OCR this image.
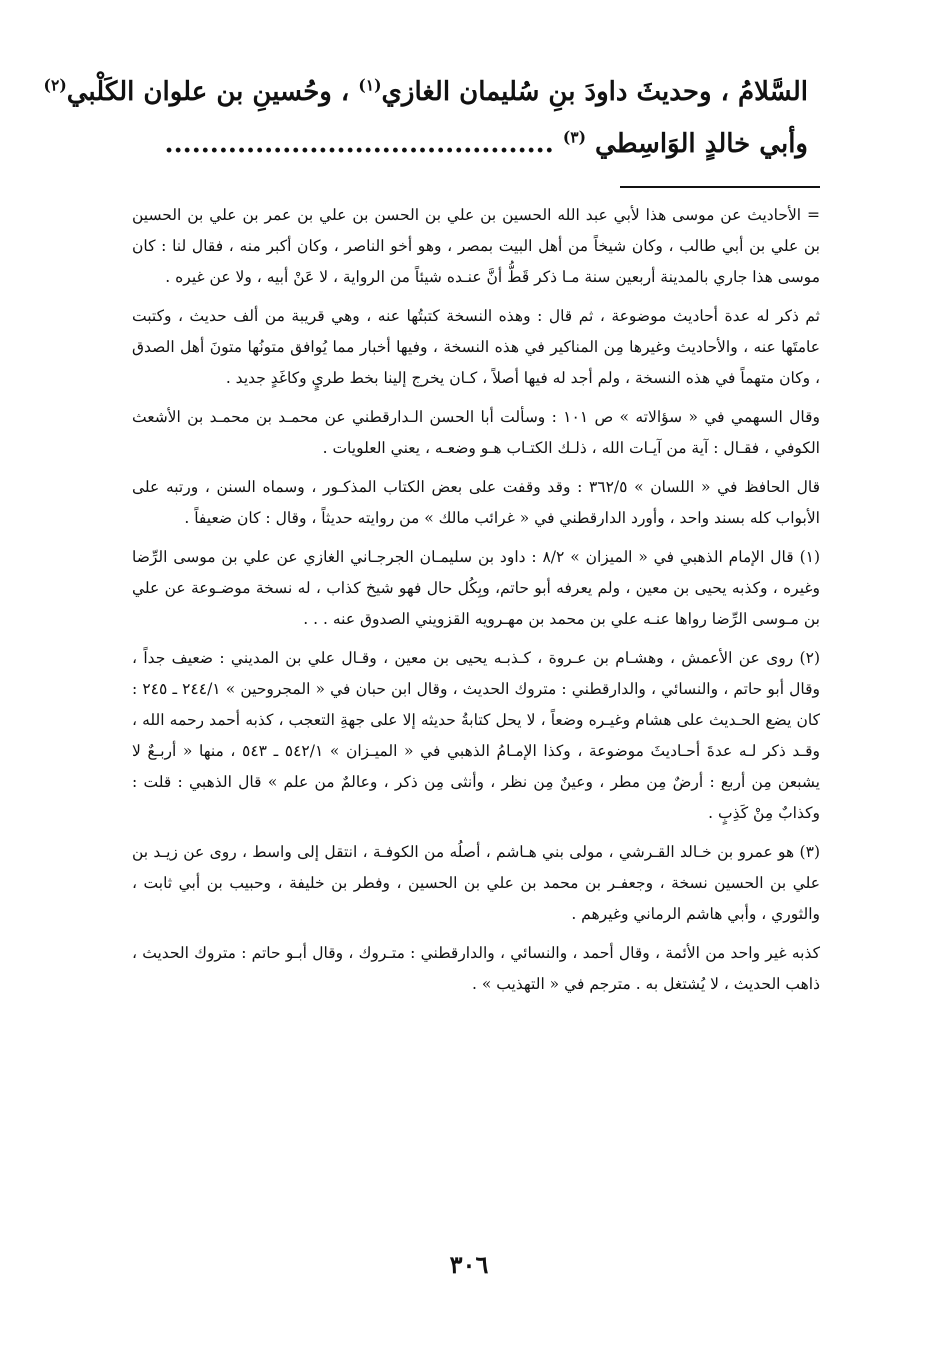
السَّلامُ ، وحديثَ داودَ بنِ سُليمان الغازي$^{(١)}$ ، وحُسينِ بن علوان الكَلْبي$^{(٢)}$
وأبي خالدٍ الوَاسِطي $^{(٣)}$ ...........................................

= الأحاديث عن موسى هذا لأبي عبد الله الحسين بن علي بن الحسن بن علي بن عمر بن علي بن الحسين بن علي بن أبي طالب ، وكان شيخاً من أهل البيت بمصر ، وهو أخو الناصر ، وكان أكبر منه ، فقال لنا : كان موسى هذا جاري بالمدينة أربعين سنة مـا ذكر قَطُّ أنَّ عنـده شيئاً من الرواية ، لا عَنْ أبيه ، ولا عن غيره .

ثم ذكر له عدة أحاديث موضوعة ، ثم قال : وهذه النسخة كتبتُها عنه ، وهي قريبة من ألف حديث ، وكتبت عامتَها عنه ، والأحاديث وغيرها مِن المناكير في هذه النسخة ، وفيها أخبار مما يُوافق متونُها متونَ أهل الصدق ، وكان متهماً في هذه النسخة ، ولم أجد له فيها أصلاً ، كـان يخرج إلينا بخط طريٍ وكاغَدٍ جديد .

وقال السهمي في « سؤالاته » ص ١٠١ : وسألت أبا الحسن الـدارقطني عن محمـد بن محمـد بن الأشعث الكوفي ، فقـال : آية من آيـات الله ، ذلـك الكتـاب هـو وضعـه ، يعني العلويات .

قال الحافظ في « اللسان » ٣٦٢/٥ : وقد وقفت على بعض الكتاب المذكـور ، وسماه السنن ، ورتبه على الأبواب كله بسند واحد ، وأورد الدارقطني في « غرائب مالك » من روايته حديثاً ، وقال : كان ضعيفاً .

(١) قال الإمام الذهبي في « الميزان » ٨/٢ : داود بن سليمـان الجرجـاني الغازي عن علي بن موسى الرِّضا وغيره ، وكذبه يحيى بن معين ، ولم يعرفه أبو حاتم، وبِكُل حال فهو شيخ كذاب ، له نسخة موضـوعة عن علي بن مـوسى الرِّضا رواها عنـه علي بن محمد بن مهـرويه القزويني الصدوق عنه . . .

(٢) روى عن الأعمش ، وهشـام بن عـروة ، كـذبـه يحيى بن معين ، وقـال علي بن المديني : ضعيف جداً ، وقال أبو حاتم ، والنسائي ، والدارقطني : متروك الحديث ، وقال ابن حبان في « المجروحين » ٢٤٤/١ ـ ٢٤٥ : كان يضع الحـديث على هشام وغيـره وضعاً ، لا يحل كتابةُ حديثه إلا على جهةِ التعجب ، كذبه أحمد رحمه الله ، وقـد ذكر لـه عدةَ أحـاديثَ موضوعة ، وكذا الإمـامُ الذهبي في « الميـزان » ٥٤٢/١ ـ ٥٤٣ ، منها « أربـعٌ لا يشبعن مِن أربع : أرضٌ مِن مطر ، وعينٌ مِن نظر ، وأنثى مِن ذكر ، وعالمٌ من علم » قال الذهبي : قلت : وكذابٌ مِنْ كَذِبٍ .

(٣) هو عمرو بن خـالد القـرشي ، مولى بني هـاشم ، أصلُه من الكوفـة ، انتقل إلى واسط ، روى عن زيـد بن علي بن الحسين نسخة ، وجعفـر بن محمد بن علي بن الحسين ، وفطر بن خليفة ، وحبيب بن أبي ثابت ، والثوري ، وأبي هاشم الرماني وغيرهم .

كذبه غير واحد من الأئمة ، وقال أحمد ، والنسائي ، والدارقطني : متـروك ، وقال أبـو حاتم : متروك الحديث ، ذاهب الحديث ، لا يُشتغل به . مترجم في « التهذيب » .

٣٠٦
